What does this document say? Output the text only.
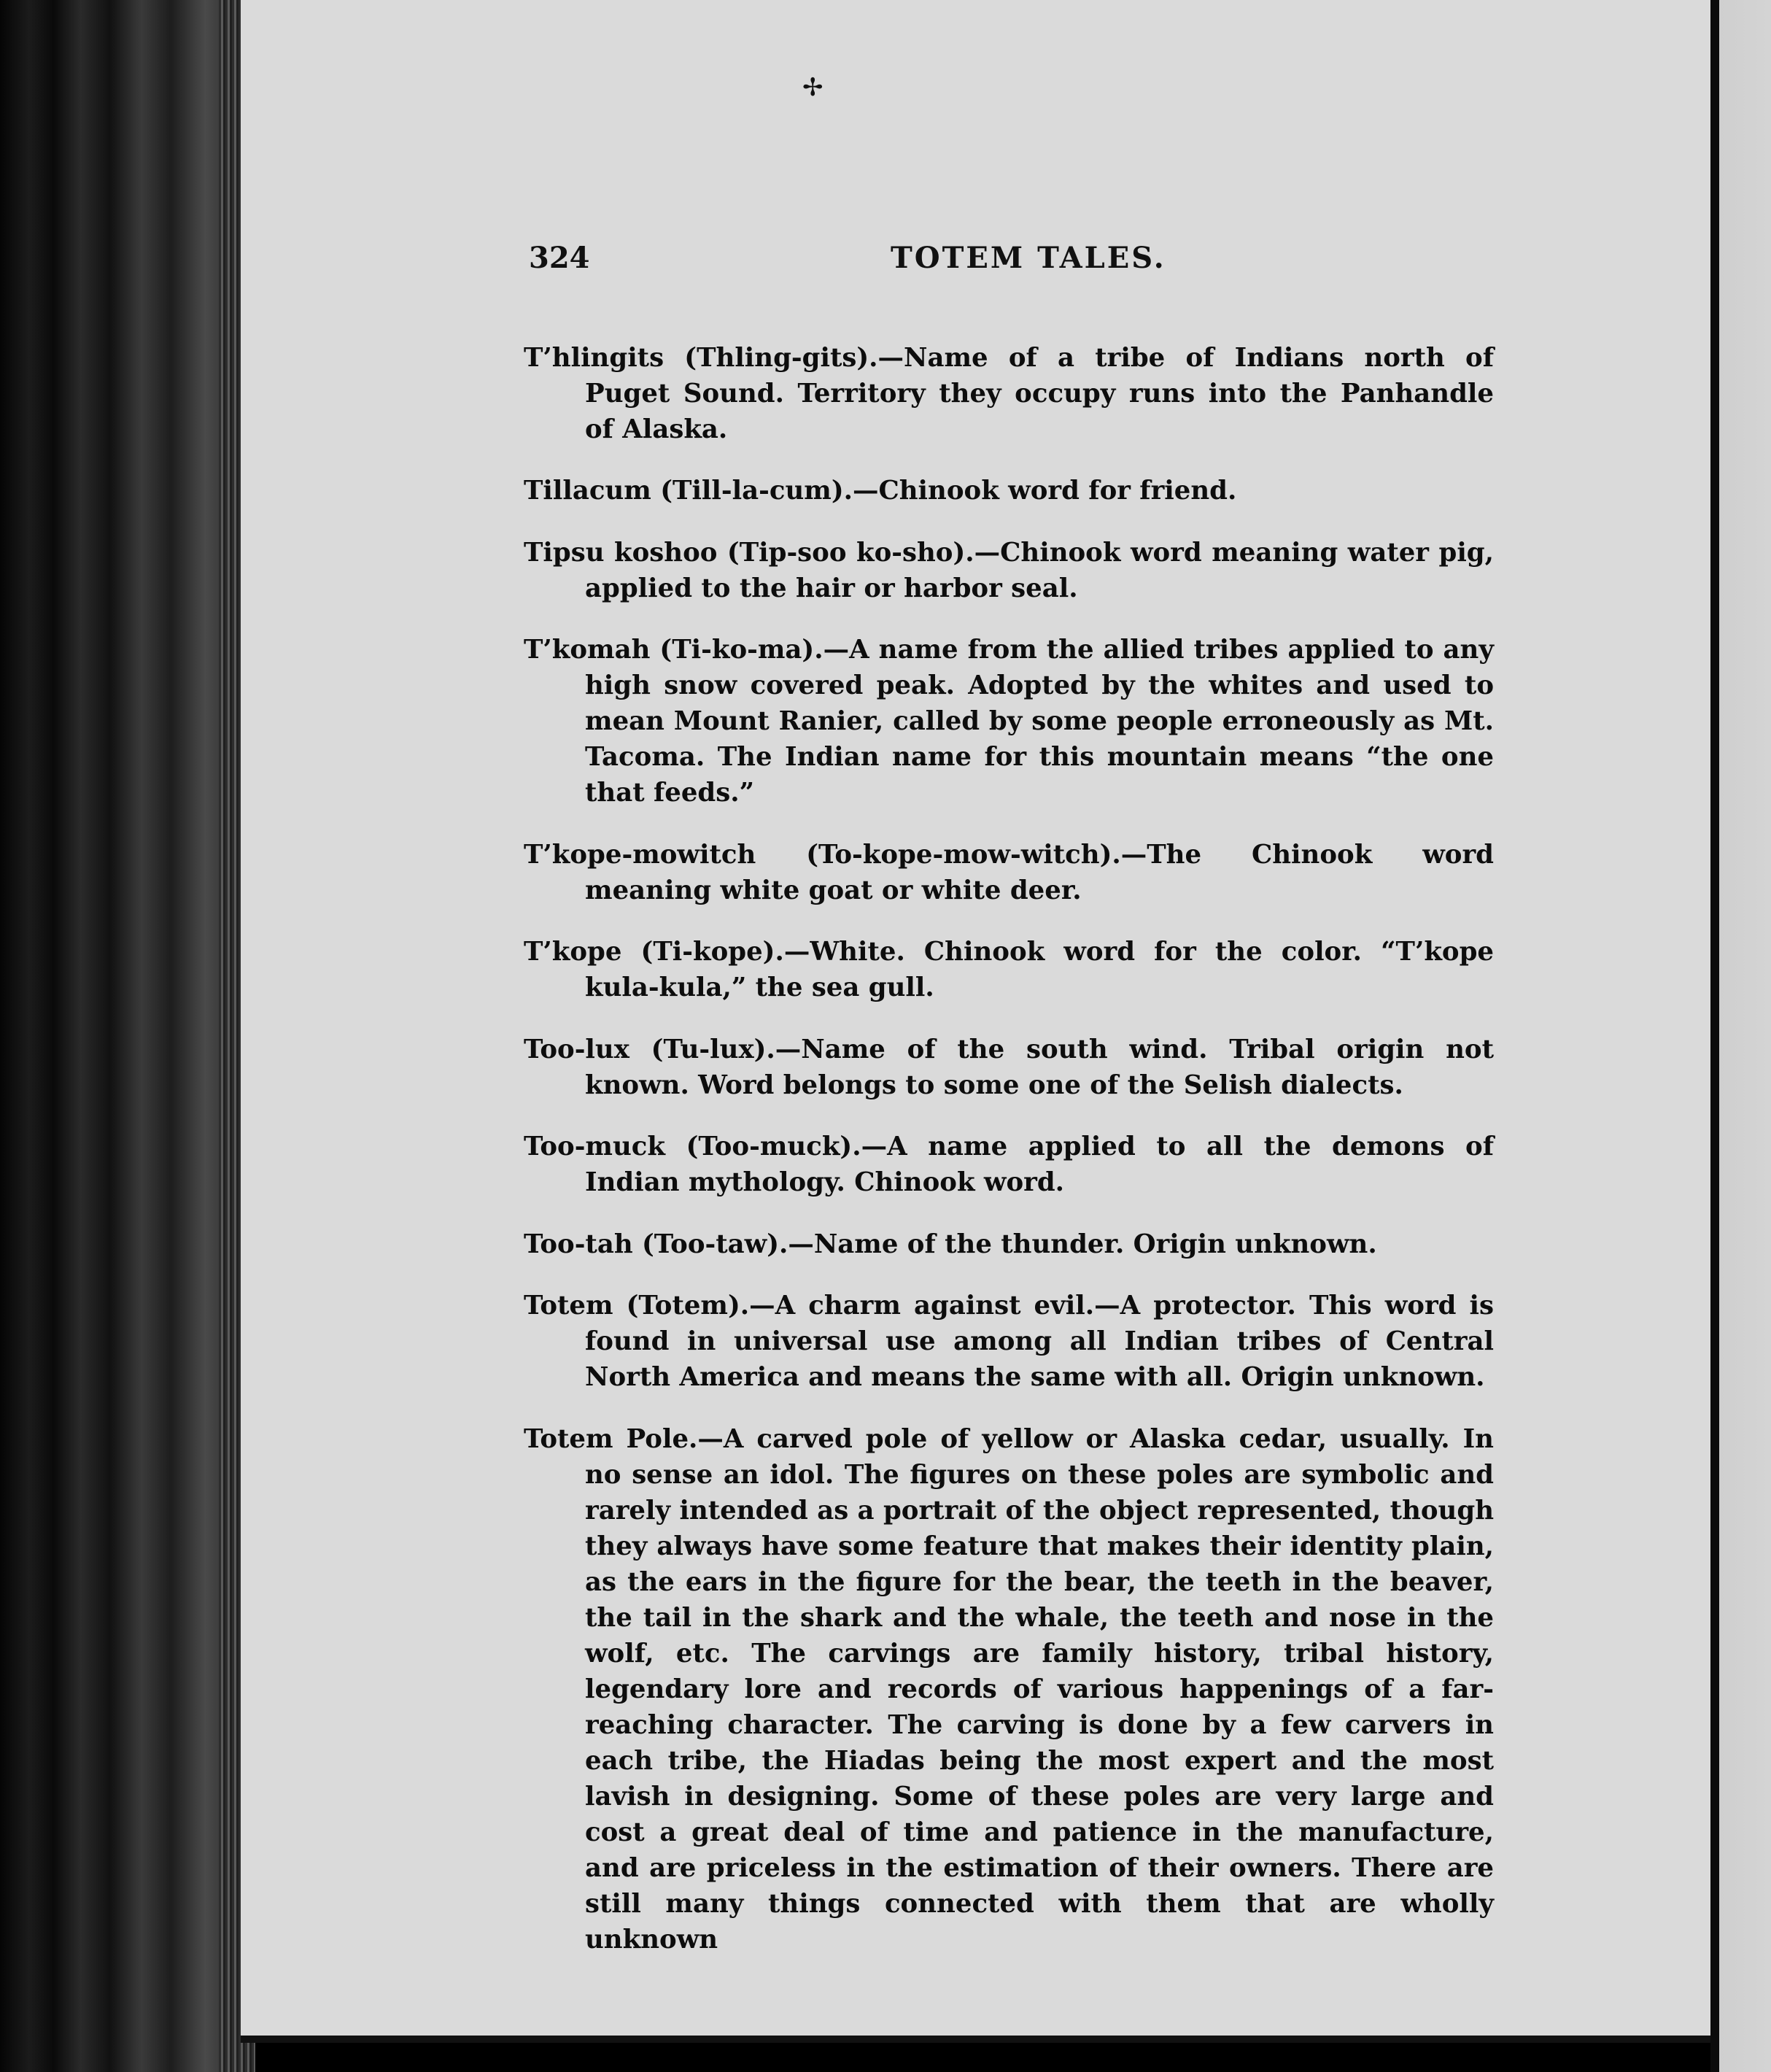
✢
324	TOTEM TALES.

T’hlingits (Thling-gits).—Name of a tribe of Indians north of Puget Sound. Territory they occupy runs into the Panhandle of Alaska.

Tillacum (Till-la-cum).—Chinook word for friend.

Tipsu koshoo (Tip-soo ko-sho).—Chinook word meaning water pig, applied to the hair or harbor seal.

T’komah (Ti-ko-ma).—A name from the allied tribes applied to any high snow covered peak. Adopted by the whites and used to mean Mount Ranier, called by some people erroneously as Mt. Tacoma. The Indian name for this mountain means “the one that feeds.”

T’kope-mowitch (To-kope-mow-witch).—The Chinook word meaning white goat or white deer.

T’kope (Ti-kope).—White. Chinook word for the color. “T’kope kula-kula,” the sea gull.

Too-lux (Tu-lux).—Name of the south wind. Tribal origin not known. Word belongs to some one of the Selish dialects.

Too-muck (Too-muck).—A name applied to all the demons of Indian mythology. Chinook word.

Too-tah (Too-taw).—Name of the thunder. Origin unknown.

Totem (Totem).—A charm against evil.—A protector. This word is found in universal use among all Indian tribes of Central North America and means the same with all. Origin unknown.

Totem Pole.—A carved pole of yellow or Alaska cedar, usually. In no sense an idol. The figures on these poles are symbolic and rarely intended as a portrait of the object represented, though they always have some feature that makes their identity plain, as the ears in the figure for the bear, the teeth in the beaver, the tail in the shark and the whale, the teeth and nose in the wolf, etc. The carvings are family history, tribal history, legendary lore and records of various happenings of a far-reaching character. The carving is done by a few carvers in each tribe, the Hiadas being the most expert and the most lavish in designing. Some of these poles are very large and cost a great deal of time and patience in the manufacture, and are priceless in the estimation of their owners. There are still many things connected with them that are wholly unknown
